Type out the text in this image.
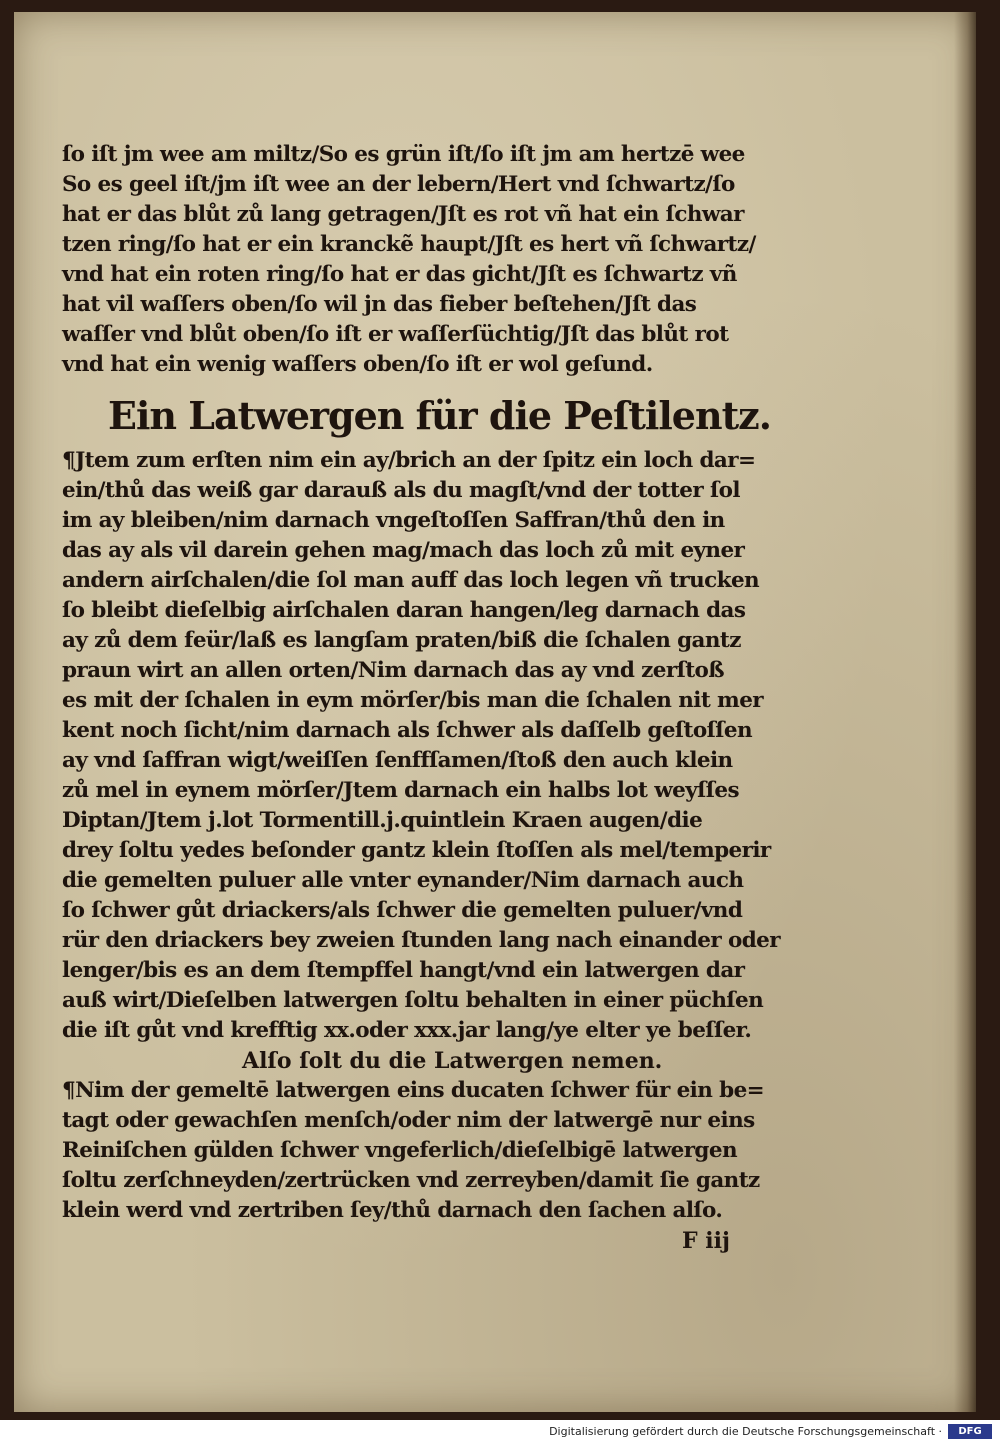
ſo iſt jm wee am miltz/So es grün iſt/ſo iſt jm am hertzē wee
So es geel iſt/jm iſt wee an der lebern/Hert vnd ſchwartz/ſo
hat er das blůt zů lang getragen/Jſt es rot vñ hat ein ſchwar
tzen ring/ſo hat er ein kranckẽ haupt/Jſt es hert vñ ſchwartz/
vnd hat ein roten ring/ſo hat er das gicht/Jſt es ſchwartz vñ
hat vil waſſers oben/ſo wil jn das fieber beſtehen/Jſt das
waſſer vnd blůt oben/ſo iſt er waſſerſüchtig/Jſt das blůt rot
vnd hat ein wenig waſſers oben/ſo iſt er wol geſund.
Ein Latwergen für die Peſtilentz.
¶Jtem zum erſten nim ein ay/brich an der ſpitz ein loch dar=
ein/thů das weiß gar darauß als du magſt/vnd der totter ſol
im ay bleiben/nim darnach vngeſtoſſen Saffran/thů den in
das ay als vil darein gehen mag/mach das loch zů mit eyner
andern airſchalen/die ſol man auff das loch legen vñ trucken
ſo bleibt dieſelbig airſchalen daran hangen/leg darnach das
ay zů dem feür/laß es langſam praten/biß die ſchalen gantz
praun wirt an allen orten/Nim darnach das ay vnd zerſtoß
es mit der ſchalen in eym mörſer/bis man die ſchalen nit mer
kent noch ſicht/nim darnach als ſchwer als daſſelb geſtoſſen
ay vnd ſaffran wigt/weiſſen ſenffſamen/ſtoß den auch klein
zů mel in eynem mörſer/Jtem darnach ein halbs lot weyſſes
Diptan/Jtem j.lot Tormentill.j.quintlein Kraen augen/die
drey ſoltu yedes beſonder gantz klein ſtoſſen als mel/temperir
die gemelten puluer alle vnter eynander/Nim darnach auch
ſo ſchwer gůt driackers/als ſchwer die gemelten puluer/vnd
rür den driackers bey zweien ſtunden lang nach einander oder
lenger/bis es an dem ſtempffel hangt/vnd ein latwergen dar
auß wirt/Dieſelben latwergen ſoltu behalten in einer püchſen
die iſt gůt vnd krefftig xx.oder xxx.jar lang/ye elter ye beſſer.
Alſo ſolt du die Latwergen nemen.
¶Nim der gemeltē latwergen eins ducaten ſchwer für ein be=
tagt oder gewachſen menſch/oder nim der latwergē nur eins
Reiniſchen gülden ſchwer vngeferlich/dieſelbigē latwergen
ſoltu zerſchneyden/zertrücken vnd zerreyben/damit ſie gantz
klein werd vnd zertriben ſey/thů darnach den ſachen alſo.
F iij
Digitalisierung gefördert durch die Deutsche Forschungsgemeinschaft ·	DFG
